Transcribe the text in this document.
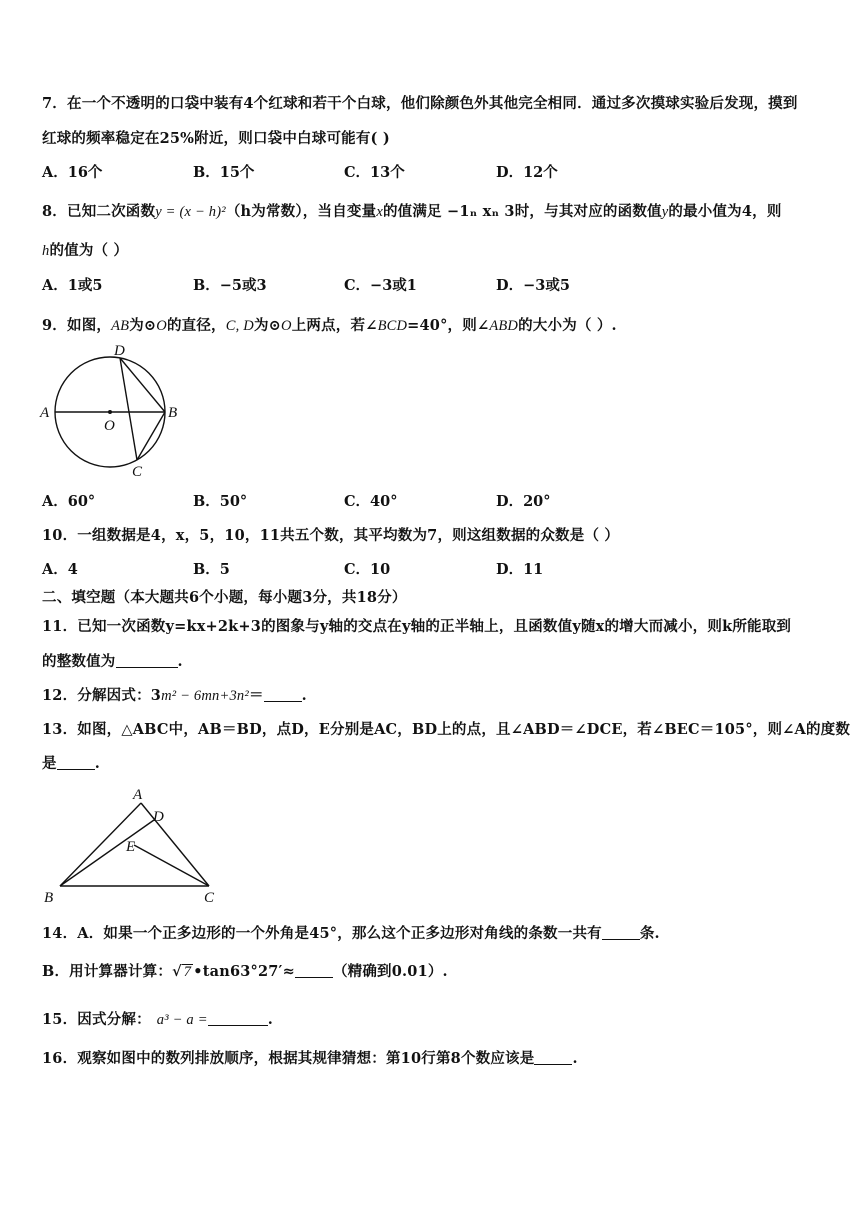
7．在一个不透明的口袋中装有4个红球和若干个白球，他们除颜色外其他完全相同．通过多次摸球实验后发现，摸到
红球的频率稳定在25%附近，则口袋中白球可能有( )
A．16个	B．15个	C．13个	D．12个
8．已知二次函数y = (x − h)²（h为常数），当自变量x的值满足 −1ₙ xₙ 3时，与其对应的函数值y的最小值为4，则
h的值为（ ）
A．1或5	B．−5或3	C．−3或1	D．−3或5
9．如图，AB为⊙O的直径，C, D为⊙O上两点，若∠BCD=40°，则∠ABD的大小为（ ）.
A	B
C
D
O
A．60°	B．50°	C．40°	D．20°
10．一组数据是4，x，5，10，11共五个数，其平均数为7，则这组数据的众数是（ ）
A．4	B．5	C．10	D．11
二、填空题（本大题共6个小题，每小题3分，共18分）
11．已知一次函数y=kx+2k+3的图象与y轴的交点在y轴的正半轴上，且函数值y随x的增大而减小，则k所能取到
的整数值为	.
12．分解因式：3m² − 6mn+3n²＝	.
13．如图，△ABC中，AB＝BD，点D，E分别是AC，BD上的点，且∠ABD＝∠DCE，若∠BEC＝105°，则∠A的度数
是	.
A
B	C
D
E
14．A．如果一个正多边形的一个外角是45°，那么这个正多边形对角线的条数一共有	条.
B．用计算器计算：√ 7 •tan63°27′≈	（精确到0.01）.
15．因式分解： a³ − a =	.
16．观察如图中的数列排放顺序，根据其规律猜想：第10行第8个数应该是	.
